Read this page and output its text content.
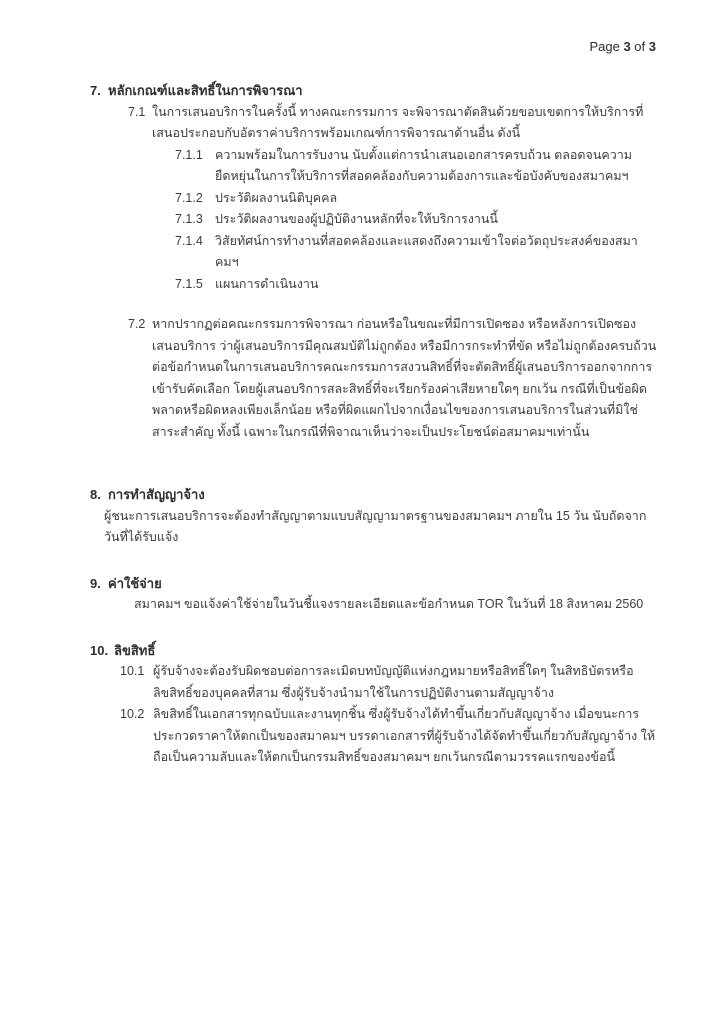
Page 3 of 3
7. หลักเกณฑ์และสิทธิ์ในการพิจารณา
7.1 ในการเสนอบริการในครั้งนี้ ทางคณะกรรมการ จะพิจารณาตัดสินด้วยขอบเขตการให้บริการที่เสนอประกอบกับอัตราค่าบริการพร้อมเกณฑ์การพิจารณาด้านอื่น ดังนี้

7.1.1 ความพร้อมในการรับงาน นับตั้งแต่การนำเสนอเอกสารครบถ้วน ตลอดจนความยืดหยุ่นในการให้บริการที่สอดคล้องกับความต้องการและข้อบังคับของสมาคมฯ

7.1.2 ประวัติผลงานนิติบุคคล

7.1.3 ประวัติผลงานของผู้ปฏิบัติงานหลักที่จะให้บริการงานนี้

7.1.4 วิสัยทัศน์การทำงานที่สอดคล้องและแสดงถึงความเข้าใจต่อวัตถุประสงค์ของสมาคมฯ

7.1.5 แผนการดำเนินงาน

7.2 หากปรากฏต่อคณะกรรมการพิจารณา ก่อนหรือในขณะที่มีการเปิดซอง หรือหลังการเปิดซองเสนอบริการ ว่าผู้เสนอบริการมีคุณสมบัติไม่ถูกต้อง หรือมีการกระทำที่ขัด หรือไม่ถูกต้องครบถ้วนต่อข้อกำหนดในการเสนอบริการคณะกรรมการสงวนสิทธิ์ที่จะตัดสิทธิ์ผู้เสนอบริการออกจากการเข้ารับคัดเลือก โดยผู้เสนอบริการสละสิทธิ์ที่จะเรียกร้องค่าเสียหายใดๆ ยกเว้น กรณีที่เป็นข้อผิดพลาดหรือผิดหลงเพียงเล็กน้อย หรือที่ผิดแผกไปจากเงื่อนไขของการเสนอบริการในส่วนที่มิใช่สาระสำคัญ ทั้งนี้ เฉพาะในกรณีที่พิจาณาเห็นว่าจะเป็นประโยชน์ต่อสมาคมฯเท่านั้น

8. การทำสัญญาจ้าง

ผู้ชนะการเสนอบริการจะต้องทำสัญญาตามแบบสัญญามาตรฐานของสมาคมฯ ภายใน 15 วัน นับถัดจากวันที่ได้รับแจ้ง

9. ค่าใช้จ่าย

สมาคมฯ ขอแจ้งค่าใช้จ่ายในวันชี้แจงรายละเอียดและข้อกำหนด TOR ในวันที่ 18 สิงหาคม 2560

10. ลิขสิทธิ์
10.1 ผู้รับจ้างจะต้องรับผิดชอบต่อการละเมิดบทบัญญัติแห่งกฎหมายหรือสิทธิ์ใดๆ ในสิทธิบัตรหรือลิขสิทธิ์ของบุคคลที่สาม ซึ่งผู้รับจ้างนำมาใช้ในการปฏิบัติงานตามสัญญาจ้าง

10.2 ลิขสิทธิ์ในเอกสารทุกฉบับและงานทุกชิ้น ซึ่งผู้รับจ้างได้ทำขึ้นเกี่ยวกับสัญญาจ้าง เมื่อขนะการประกวดราคาให้ตกเป็นของสมาคมฯ บรรดาเอกสารที่ผู้รับจ้างได้จัดทำขึ้นเกี่ยวกับสัญญาจ้าง ให้ถือเป็นความลับและให้ตกเป็นกรรมสิทธิ์ของสมาคมฯ ยกเว้นกรณีตามวรรคแรกของข้อนี้
